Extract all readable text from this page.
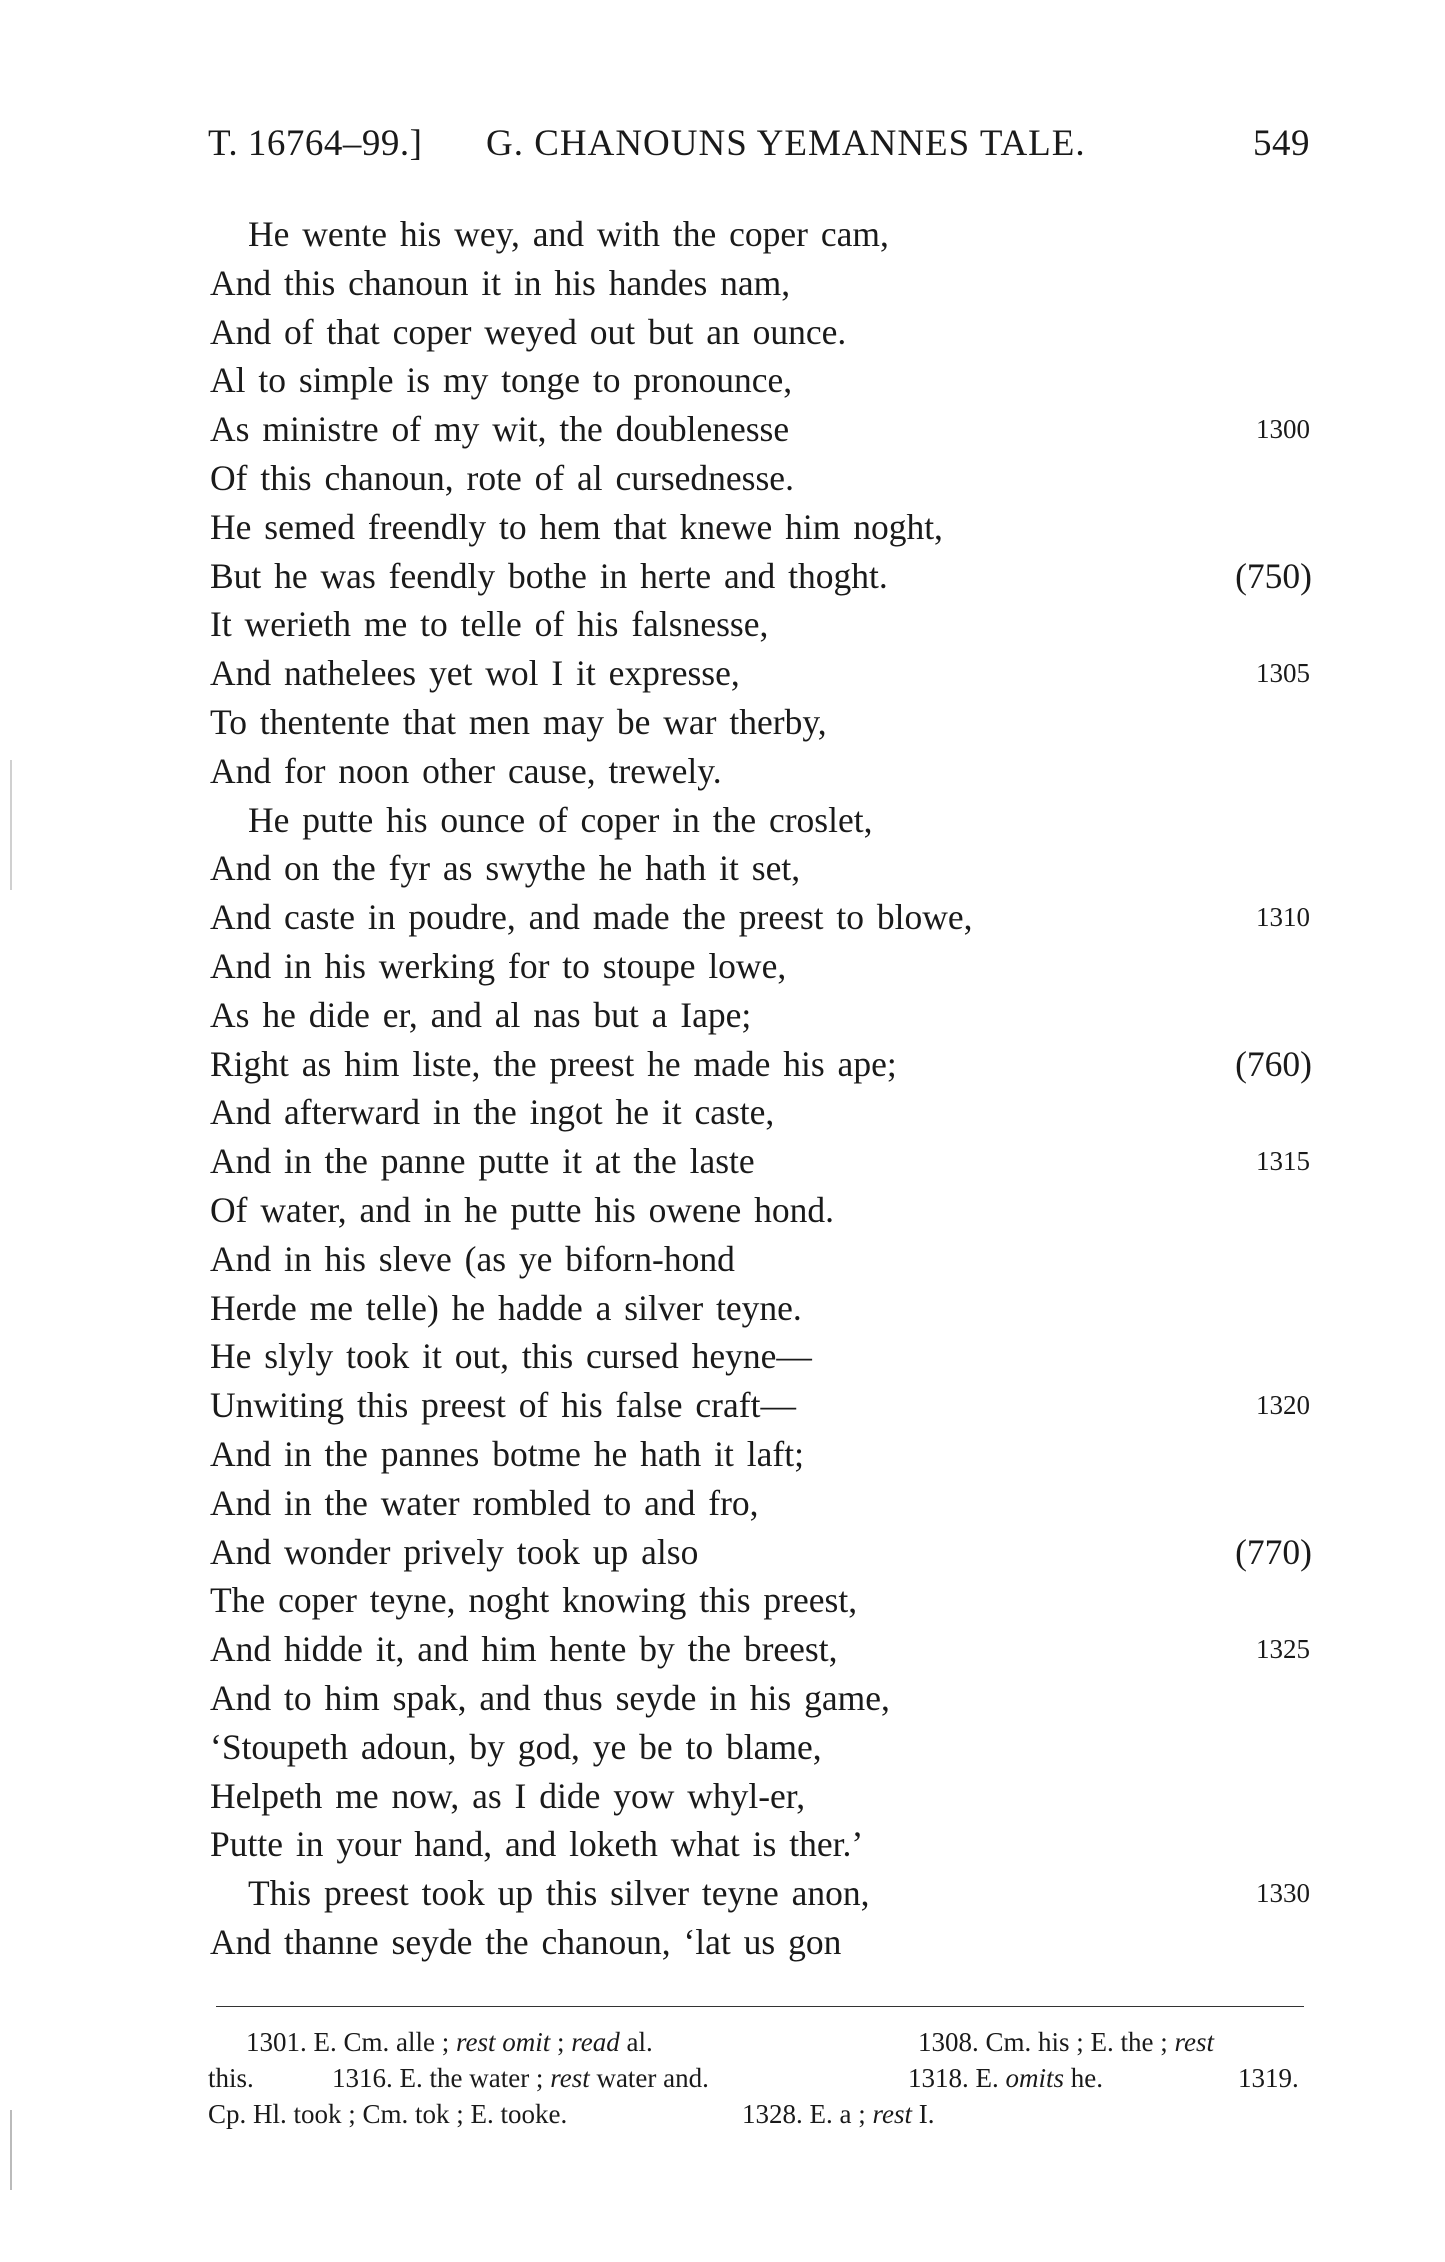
T. 16764–99.] G. CHANOUNS YEMANNES TALE.	549
He wente his wey, and with the coper cam,
And this chanoun it in his handes nam,
And of that coper weyed out but an ounce.
Al to simple is my tonge to pronounce,
As ministre of my wit, the doublenesse	1300
Of this chanoun, rote of al cursednesse.
He semed freendly to hem that knewe him noght,
But he was feendly bothe in herte and thoght.	(750)
It werieth me to telle of his falsnesse,
And nathelees yet wol I it expresse,	1305
To thentente that men may be war therby,
And for noon other cause, trewely.
He putte his ounce of coper in the croslet,
And on the fyr as swythe he hath it set,
And caste in poudre, and made the preest to blowe,	1310
And in his werking for to stoupe lowe,
As he dide er, and al nas but a Iape;
Right as him liste, the preest he made his ape;	(760)
And afterward in the ingot he it caste,
And in the panne putte it at the laste	1315
Of water, and in he putte his owene hond.
And in his sleve (as ye biforn-hond
Herde me telle) he hadde a silver teyne.
He slyly took it out, this cursed heyne—
Unwiting this preest of his false craft—	1320
And in the pannes botme he hath it laft;
And in the water rombled to and fro,
And wonder prively took up also	(770)
The coper teyne, noght knowing this preest,
And hidde it, and him hente by the breest,	1325
And to him spak, and thus seyde in his game,
‘Stoupeth adoun, by god, ye be to blame,
Helpeth me now, as I dide yow whyl-er,
Putte in your hand, and loketh what is ther.’
This preest took up this silver teyne anon,	1330
And thanne seyde the chanoun, ‘lat us gon
1301. E. Cm. alle ; rest omit ; read al.	1308. Cm. his ; E. the ; rest
this.	1316. E. the water ; rest water and.	1318. E. omits he.	1319.
Cp. Hl. took ; Cm. tok ; E. tooke.	1328. E. a ; rest I.
